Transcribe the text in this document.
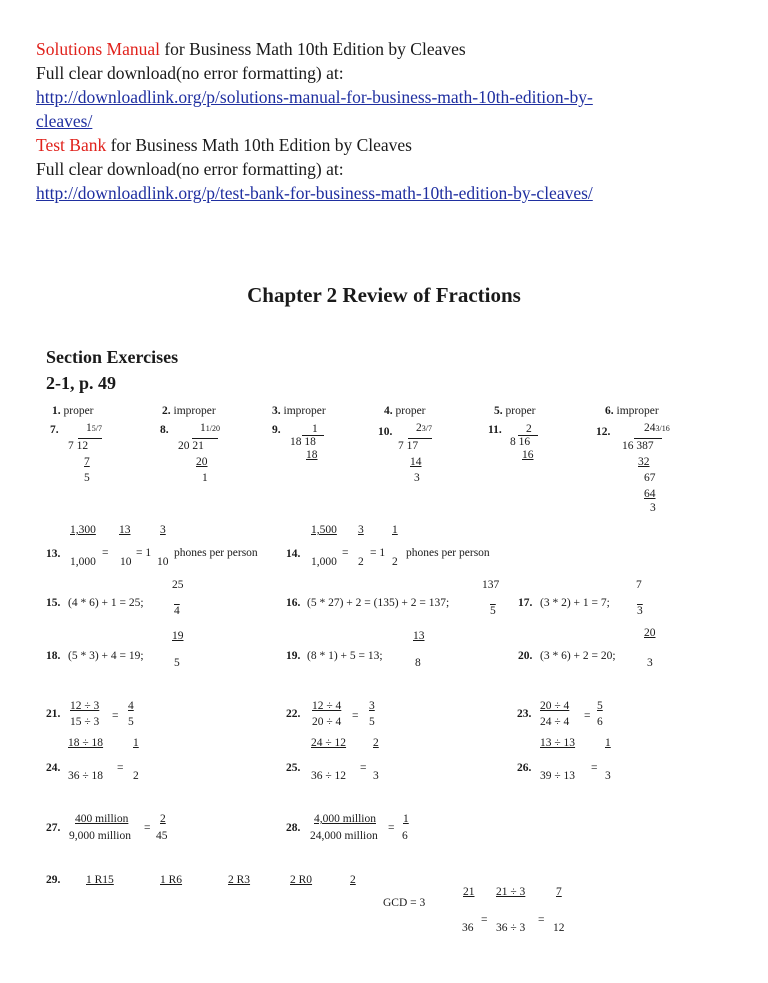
Solutions Manual for Business Math 10th Edition by Cleaves
Full clear download(no error formatting) at:
http://downloadlink.org/p/solutions-manual-for-business-math-10th-edition-by-
cleaves/
Test Bank for Business Math 10th Edition by Cleaves
Full clear download(no error formatting) at:
http://downloadlink.org/p/test-bank-for-business-math-10th-edition-by-cleaves/
Chapter 2 Review of Fractions
Section Exercises
2-1, p. 49
1. proper	2. improper	3. improper	4. proper	5. proper	6. improper
7. 15/7
7 12
7
5
8.	11/20
20 21
20
1
9.	1
18 18
18
10. 23/7
7 17
14
3
11. 2
8 16
16
12.	243/16
16 387
32
67
64
3
1,300 13	3
13.	= = 1 phones per person
1,000 10 10
1,500 3 1
14.	= = 1 phones per person
1,000 2 2
25
15. (4 * 6) + 1 = 25;
4
137
16. (5 * 27) + 2 = (135) + 2 = 137;
5
7
17. (3 * 2) + 1 = 7;
3
19
18. (5 * 3) + 4 = 19;
5
13
19. (8 * 1) + 5 = 13;
8
20
20. (3 * 6) + 2 = 20;
3
12 ÷ 3 4
21.	=
15 ÷ 3 5
12 ÷ 4 3
22.	=
20 ÷ 4 5
20 ÷ 4 5
23.	=
24 ÷ 4 6
18 ÷ 18	1
24.	=
36 ÷ 18	2
24 ÷ 12 2
25.	=
36 ÷ 12 3
13 ÷ 13	1
26.	=
39 ÷ 13	3
400 million	2
27.	=
9,000 million 45
4,000 million 1
28.	=
24,000 million 6
29. 1 R15	1 R6	2 R3	2 R0	2
21 21 ÷ 3	7
GCD = 3
=	=
36 36 ÷ 3 12
